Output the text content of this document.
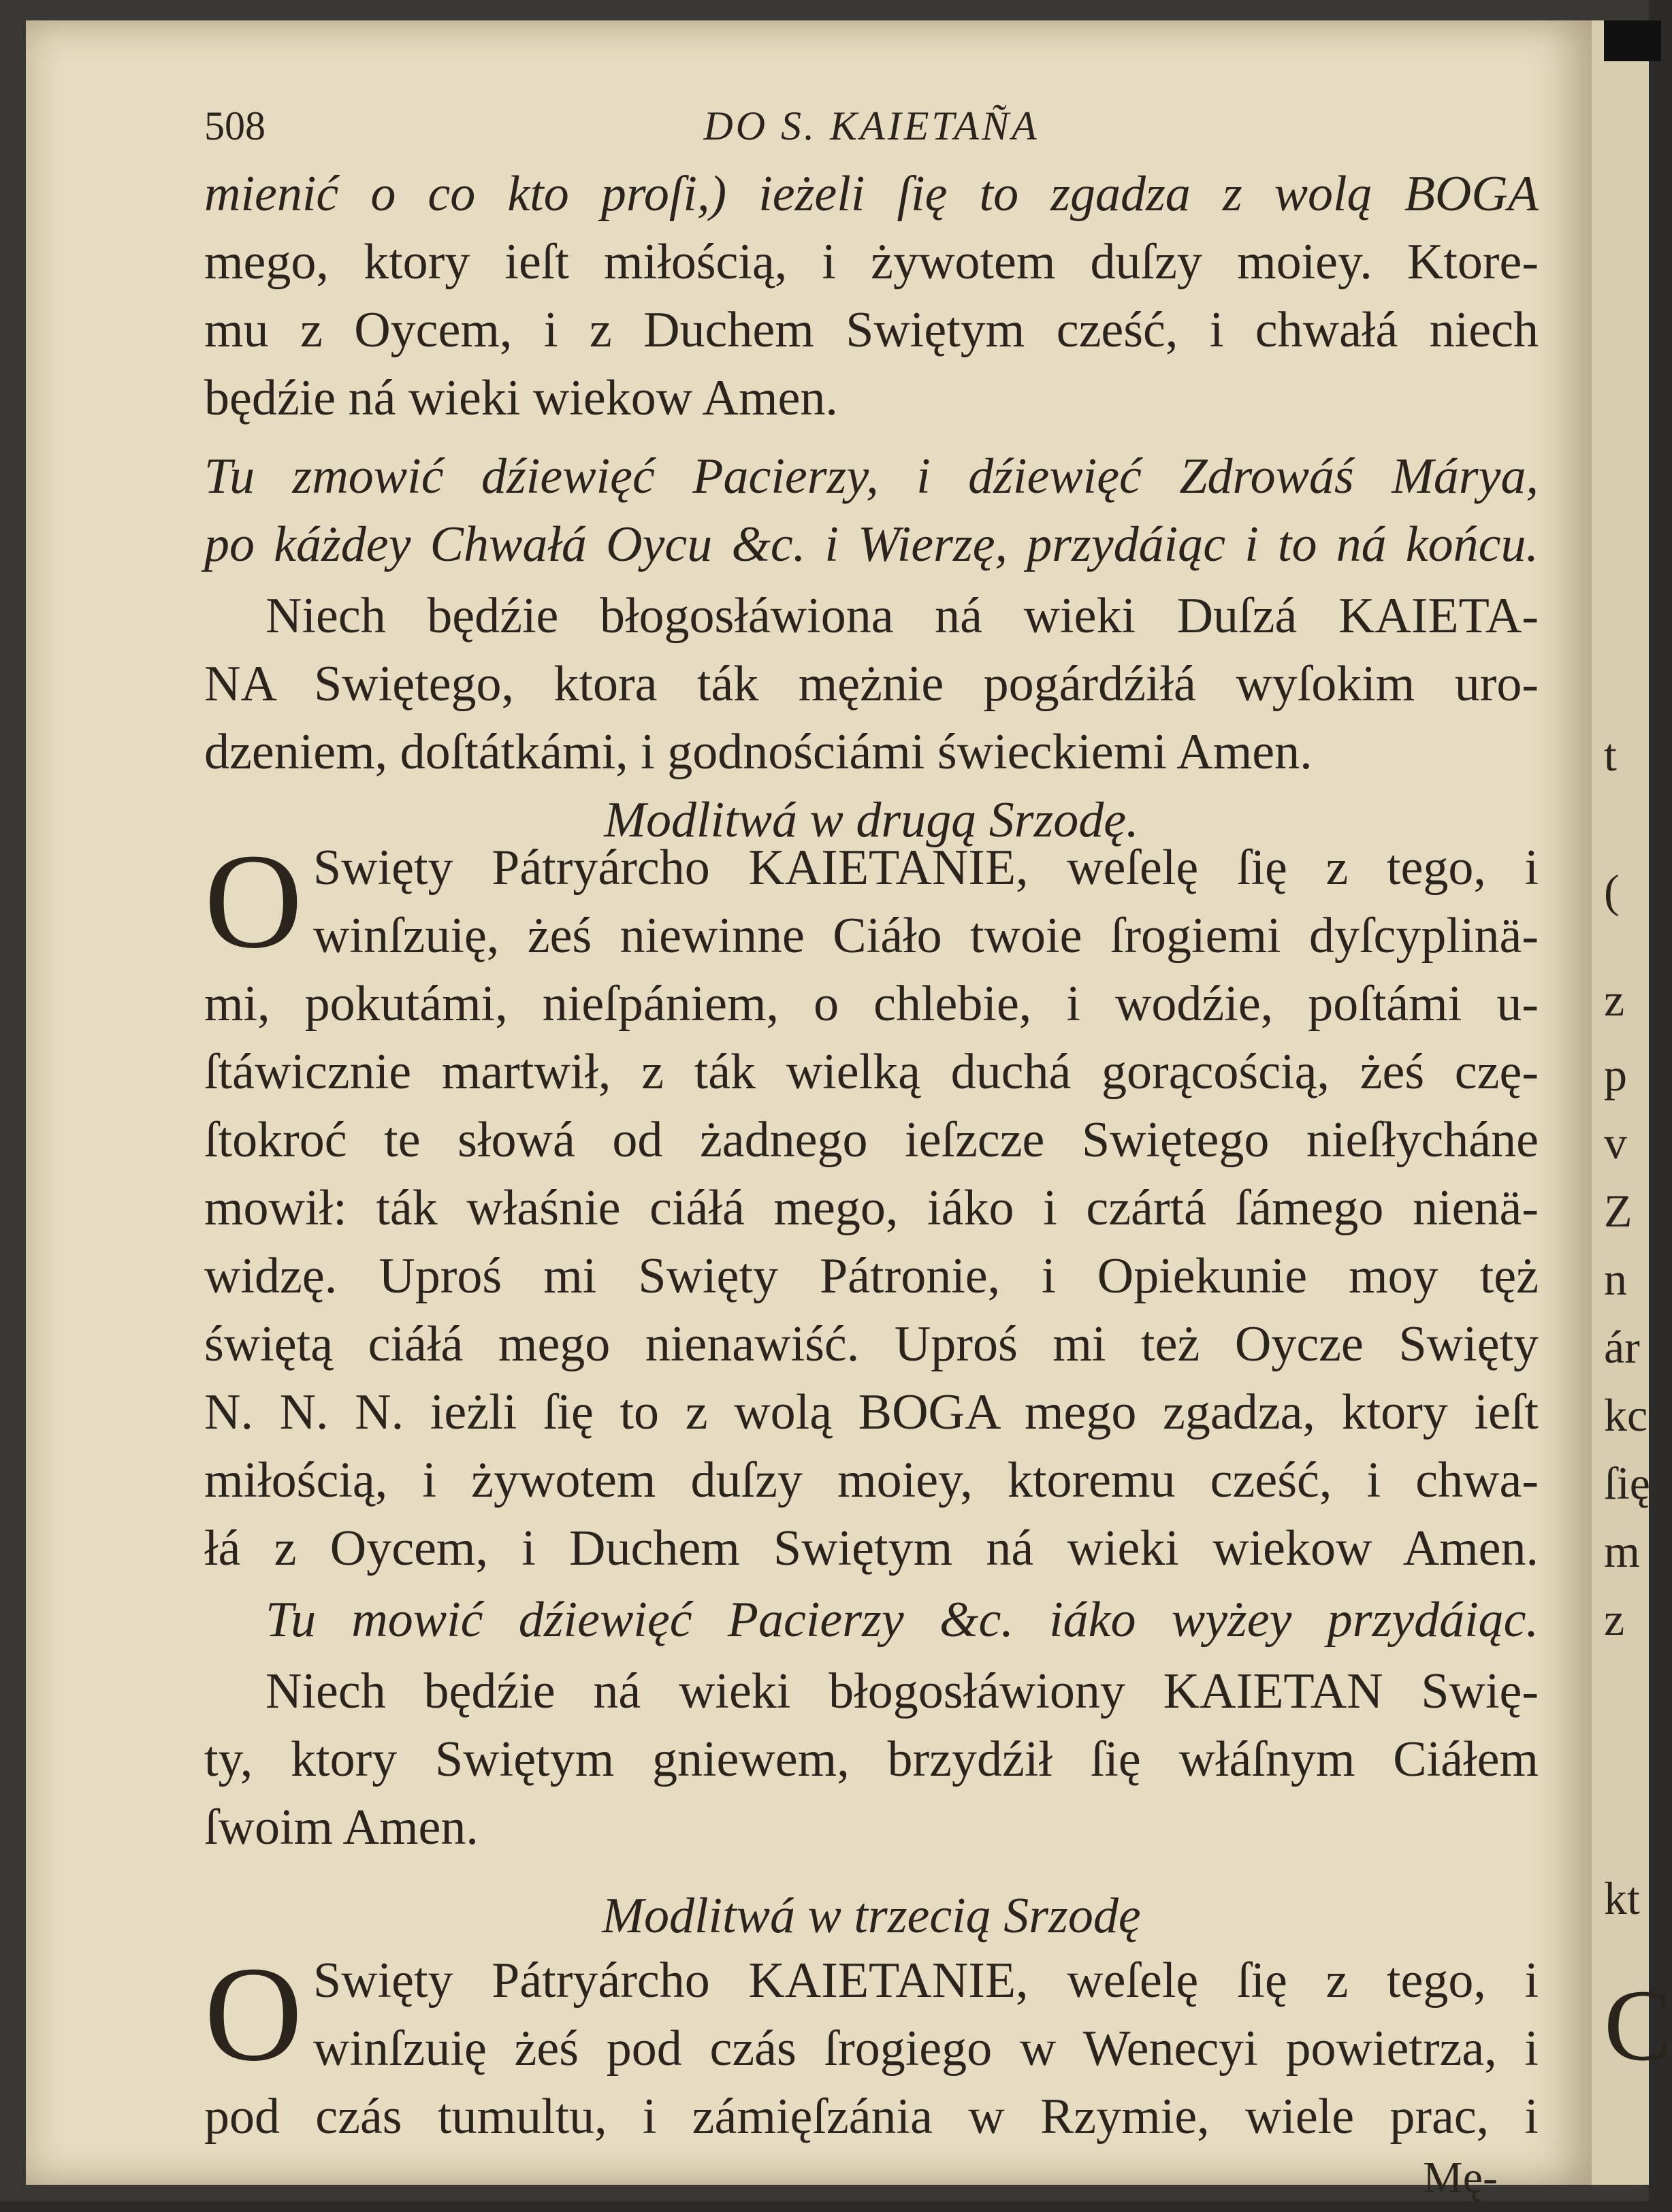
508	DO S. KAIETAÑA
mienić o co kto proſi,) ieżeli ſię to zgadza z wolą BOGA
mego, ktory ieſt miłością, i żywotem duſzy moiey. Ktore-
mu z Oycem, i z Duchem Swiętym cześć, i chwałá niech
będźie ná wieki wiekow Amen.
Tu zmowić dźiewięć Pacierzy, i dźiewięć Zdrowáś Márya,
po káżdey Chwałá Oycu &c. i Wierzę, przydáiąc i to ná końcu.
Niech będźie błogosłáwiona ná wieki Duſzá KAIETA-
NA Swiętego, ktora ták mężnie pogárdźiłá wyſokim uro-
dzeniem, doſtátkámi, i godnościámi świeckiemi Amen.
Modlitwá w drugą Srzodę.
O Swięty Pátryárcho KAIETANIE, weſelę ſię z tego, i
winſzuię, żeś niewinne Ciáło twoie ſrogiemi dyſcyplinä-
mi, pokutámi, nieſpániem, o chlebie, i wodźie, poſtámi u-
ſtáwicznie martwił, z ták wielką duchá gorącością, żeś czę-
ſtokroć te słowá od żadnego ieſzcze Swiętego nieſłycháne
mowił: ták właśnie ciáłá mego, iáko i czártá ſámego nienä-
widzę. Uproś mi Swięty Pátronie, i Opiekunie moy tęż
świętą ciáłá mego nienawiść. Uproś mi też Oycze Swięty
N. N. N. ieżli ſię to z wolą BOGA mego zgadza, ktory ieſt
miłością, i żywotem duſzy moiey, ktoremu cześć, i chwa-
łá z Oycem, i Duchem Swiętym ná wieki wiekow Amen.
Tu mowić dźiewięć Pacierzy &c. iáko wyżey przydáiąc.
Niech będźie ná wieki błogosłáwiony KAIETAN Swię-
ty, ktory Swiętym gniewem, brzydźił ſię włáſnym Ciáłem
ſwoim Amen.
Modlitwá w trzecią Srzodę
O Swięty Pátryárcho KAIETANIE, weſelę ſię z tego, i
winſzuię żeś pod czás ſrogiego w Wenecyi powietrza, i
pod czás tumultu, i zámięſzánia w Rzymie, wiele prac, i
Mę-
t
(
z
p
v
Z
n
ár
kc
ſię
m
z
kt
C
